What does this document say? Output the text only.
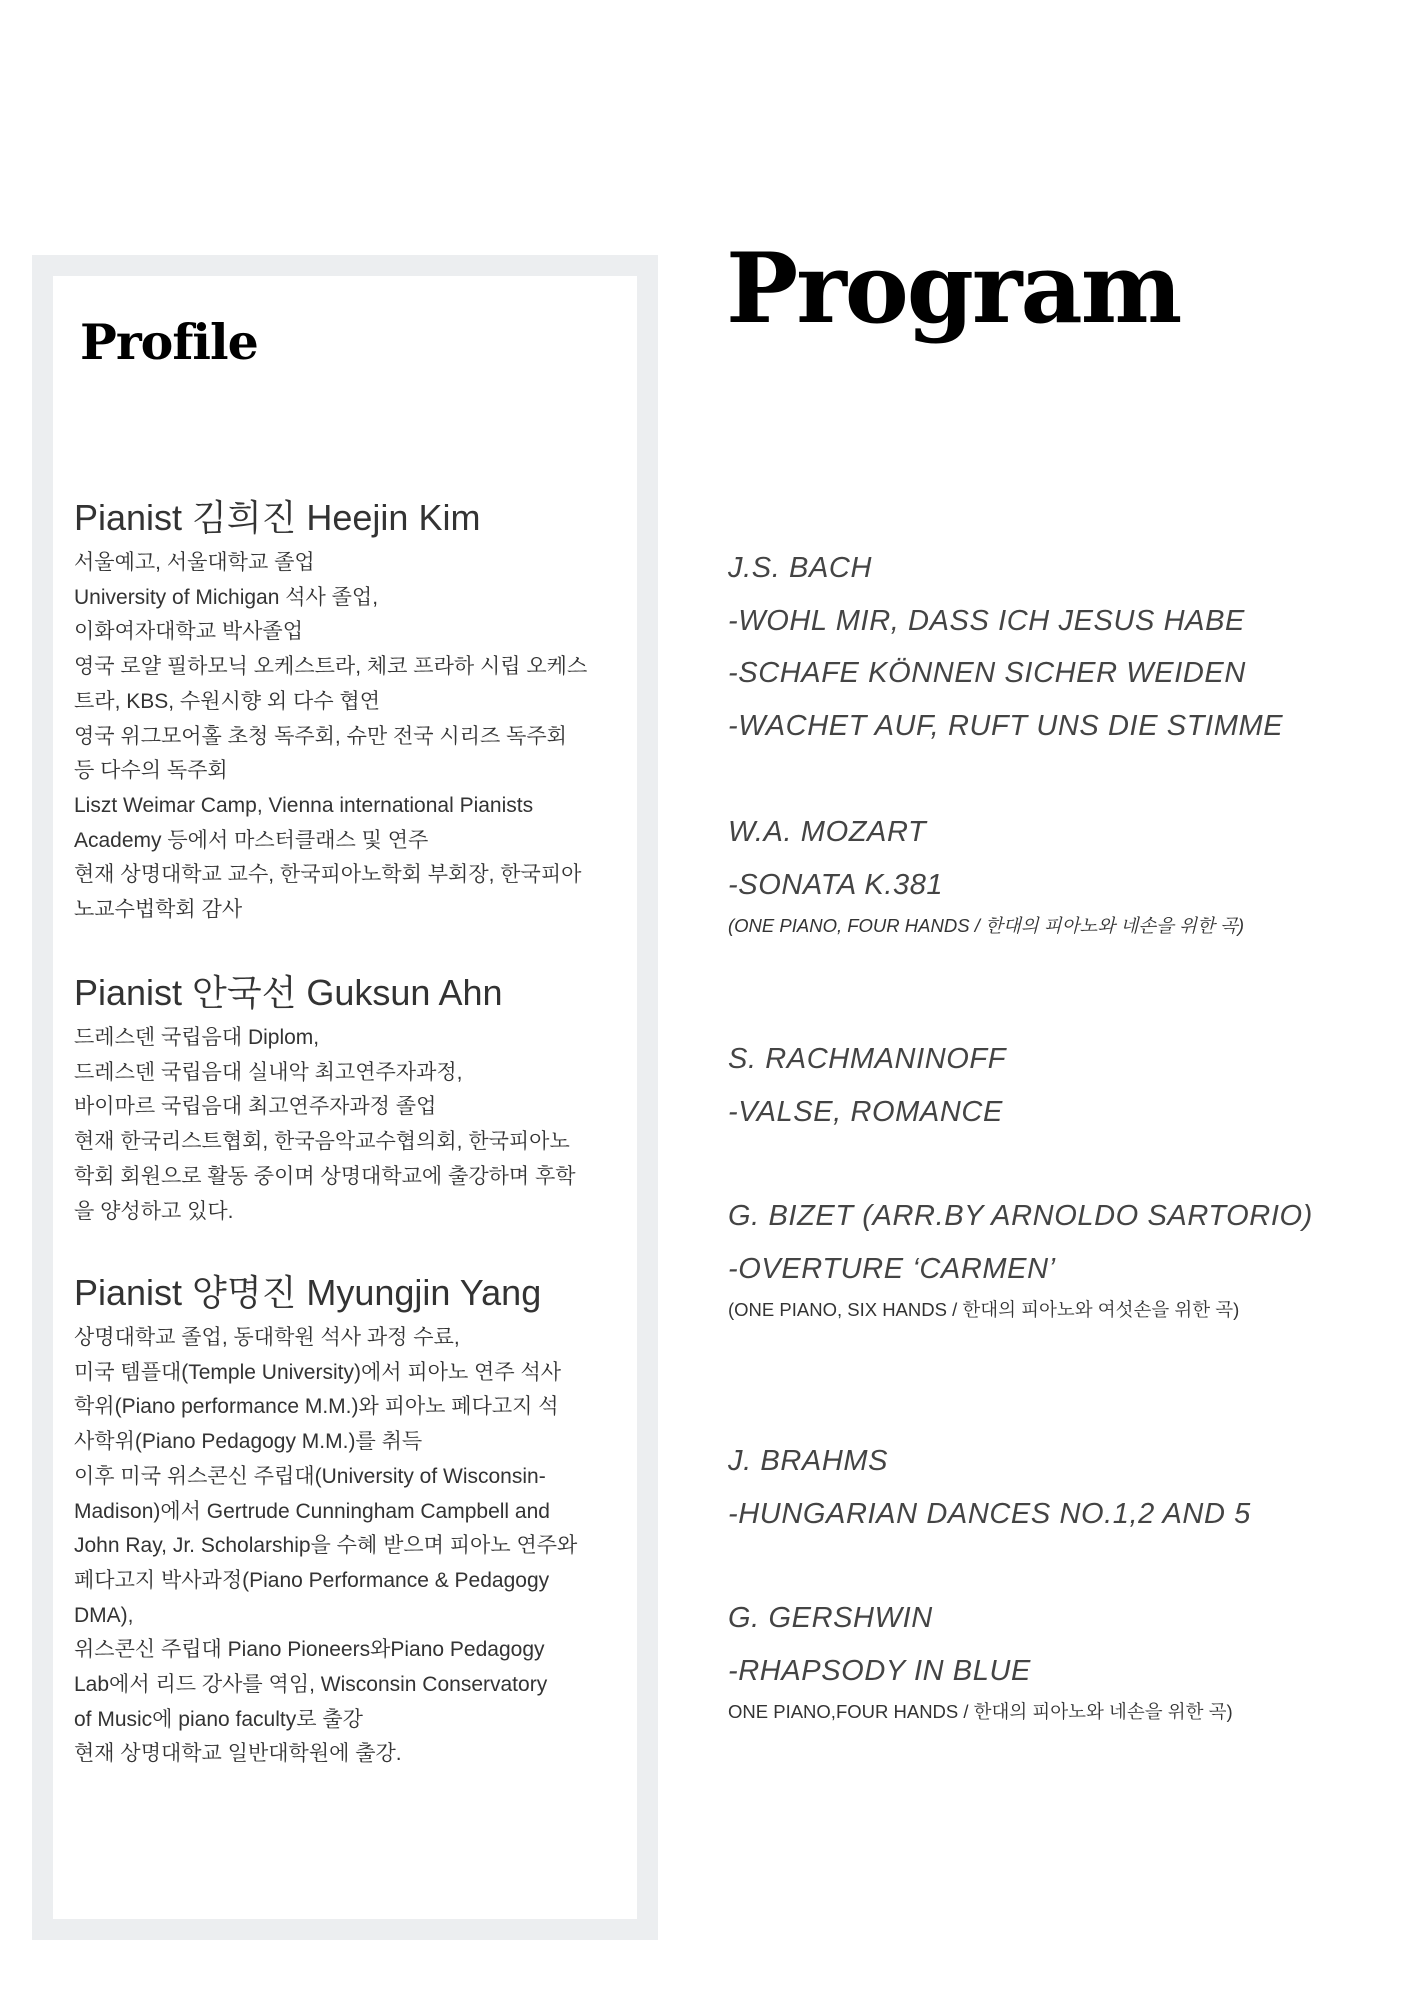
Profile
Pianist 김희진 Heejin Kim
서울예고, 서울대학교 졸업
University of Michigan 석사 졸업,
이화여자대학교 박사졸업
영국 로얄 필하모닉 오케스트라, 체코 프라하 시립 오케스
트라, KBS, 수원시향 외 다수 협연
영국 위그모어홀 초청 독주회, 슈만 전국 시리즈 독주회
등 다수의 독주회
Liszt Weimar Camp, Vienna international Pianists
Academy 등에서 마스터클래스 및 연주
현재 상명대학교 교수, 한국피아노학회 부회장, 한국피아
노교수법학회 감사
Pianist 안국선 Guksun Ahn
드레스덴 국립음대 Diplom,
드레스덴 국립음대 실내악 최고연주자과정,
바이마르 국립음대 최고연주자과정 졸업
현재 한국리스트협회, 한국음악교수협의회, 한국피아노
학회 회원으로 활동 중이며 상명대학교에 출강하며 후학
을 양성하고 있다.
Pianist 양명진 Myungjin Yang
상명대학교 졸업, 동대학원 석사 과정 수료,
미국 템플대(Temple University)에서 피아노 연주 석사
학위(Piano performance M.M.)와 피아노 페다고지 석
사학위(Piano Pedagogy M.M.)를 취득
이후 미국 위스콘신 주립대(University of Wisconsin-
Madison)에서 Gertrude Cunningham Campbell and
John Ray, Jr. Scholarship을 수혜 받으며 피아노 연주와
페다고지 박사과정(Piano Performance & Pedagogy
DMA),
위스콘신 주립대 Piano Pioneers와Piano Pedagogy
Lab에서 리드 강사를 역임, Wisconsin Conservatory
of Music에 piano faculty로 출강
현재 상명대학교 일반대학원에 출강.
Program
J.S. BACH
-WOHL MIR, DASS ICH JESUS HABE
-SCHAFE KÖNNEN SICHER WEIDEN
-WACHET AUF, RUFT UNS DIE STIMME
W.A. MOZART
-SONATA K.381
(ONE PIANO, FOUR HANDS / 한대의 피아노와 네손을 위한 곡)
S. RACHMANINOFF
-VALSE, ROMANCE
G. BIZET (ARR.BY ARNOLDO SARTORIO)
-OVERTURE ‘CARMEN’
(ONE PIANO, SIX HANDS / 한대의 피아노와 여섯손을 위한 곡)
J. BRAHMS
-HUNGARIAN DANCES NO.1,2 AND 5
G. GERSHWIN
-RHAPSODY IN BLUE
ONE PIANO,FOUR HANDS / 한대의 피아노와 네손을 위한 곡)
